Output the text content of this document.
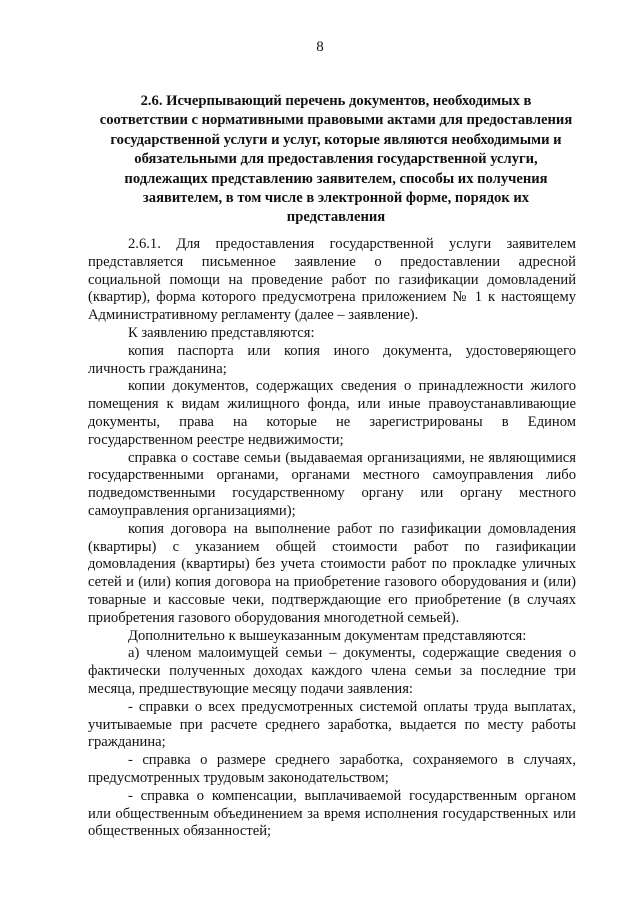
8
2.6. Исчерпывающий перечень документов, необходимых в соответствии с нормативными правовыми актами для предоставления государственной услуги и услуг, которые являются необходимыми и обязательными для предоставления государственной услуги, подлежащих представлению заявителем, способы их получения заявителем, в том числе в электронной форме, порядок их представления

2.6.1. Для предоставления государственной услуги заявителем представляется письменное заявление о предоставлении адресной социальной помощи на проведение работ по газификации домовладений (квартир), форма которого предусмотрена приложением № 1 к настоящему Административному регламенту (далее – заявление).

К заявлению представляются:

копия паспорта или копия иного документа, удостоверяющего личность гражданина;

копии документов, содержащих сведения о принадлежности жилого помещения к видам жилищного фонда, или иные правоустанавливающие документы, права на которые не зарегистрированы в Едином государственном реестре недвижимости;

справка о составе семьи (выдаваемая организациями, не являющимися государственными органами, органами местного самоуправления либо подведомственными государственному органу или органу местного самоуправления организациями);

копия договора на выполнение работ по газификации домовладения (квартиры) с указанием общей стоимости работ по газификации домовладения (квартиры) без учета стоимости работ по прокладке уличных сетей и (или) копия договора на приобретение газового оборудования и (или) товарные и кассовые чеки, подтверждающие его приобретение (в случаях приобретения газового оборудования многодетной семьей).

Дополнительно к вышеуказанным документам представляются:

а) членом малоимущей семьи – документы, содержащие сведения о фактически полученных доходах каждого члена семьи за последние три месяца, предшествующие месяцу подачи заявления:

- справки о всех предусмотренных системой оплаты труда выплатах, учитываемые при расчете среднего заработка, выдается по месту работы гражданина;

- справка о размере среднего заработка, сохраняемого в случаях, предусмотренных трудовым законодательством;

- справка о компенсации, выплачиваемой государственным органом или общественным объединением за время исполнения государственных или общественных обязанностей;
